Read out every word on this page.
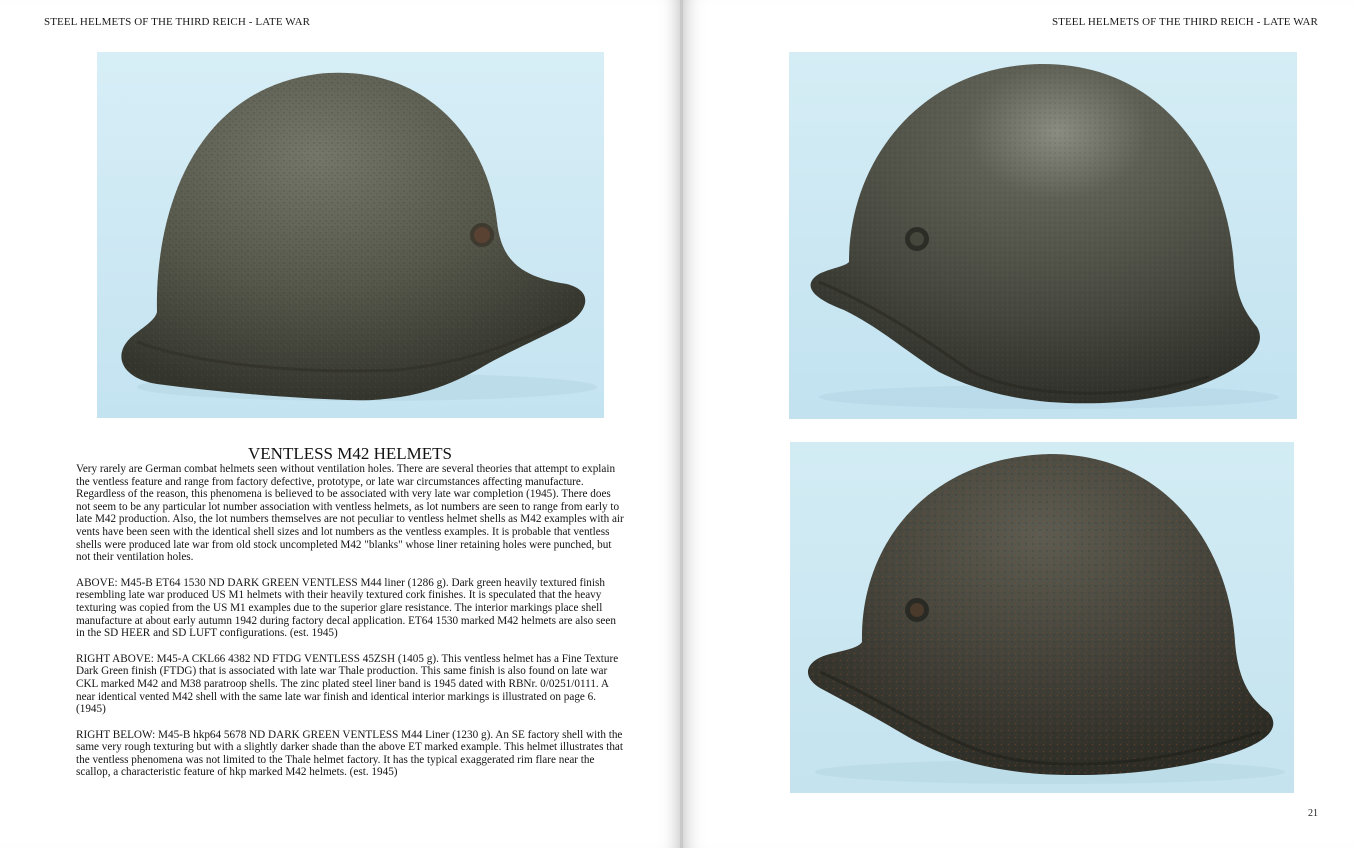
STEEL HELMETS OF THE THIRD REICH - LATE WAR
VENTLESS M42 HELMETS

Very rarely are German combat helmets seen without ventilation holes. There are several theories that attempt to explain the ventless feature and range from factory defective, prototype, or late war circumstances affecting manufacture. Regardless of the reason, this phenomena is believed to be associated with very late war completion (1945). There does not seem to be any particular lot number association with ventless helmets, as lot numbers are seen to range from early to late M42 production. Also, the lot numbers themselves are not peculiar to ventless helmet shells as M42 examples with air vents have been seen with the identical shell sizes and lot numbers as the ventless examples. It is probable that ventless shells were produced late war from old stock uncompleted M42 "blanks" whose liner retaining holes were punched, but not their ventilation holes.

ABOVE: M45-B ET64 1530 ND DARK GREEN VENTLESS M44 liner (1286 g). Dark green heavily textured finish resembling late war produced US M1 helmets with their heavily textured cork finishes. It is speculated that the heavy texturing was copied from the US M1 examples due to the superior glare resistance. The interior markings place shell manufacture at about early autumn 1942 during factory decal application. ET64 1530 marked M42 helmets are also seen in the SD HEER and SD LUFT configurations. (est. 1945)

RIGHT ABOVE: M45-A CKL66 4382 ND FTDG VENTLESS 45ZSH (1405 g). This ventless helmet has a Fine Texture Dark Green finish (FTDG) that is associated with late war Thale production. This same finish is also found on late war CKL marked M42 and M38 paratroop shells. The zinc plated steel liner band is 1945 dated with RBNr. 0/0251/0111. A near identical vented M42 shell with the same late war finish and identical interior markings is illustrated on page 6. (1945)

RIGHT BELOW: M45-B hkp64 5678 ND DARK GREEN VENTLESS M44 Liner (1230 g). An SE factory shell with the same very rough texturing but with a slightly darker shade than the above ET marked example. This helmet illustrates that the ventless phenomena was not limited to the Thale helmet factory. It has the typical exaggerated rim flare near the scallop, a characteristic feature of hkp marked M42 helmets. (est. 1945)

STEEL HELMETS OF THE THIRD REICH - LATE WAR
21
